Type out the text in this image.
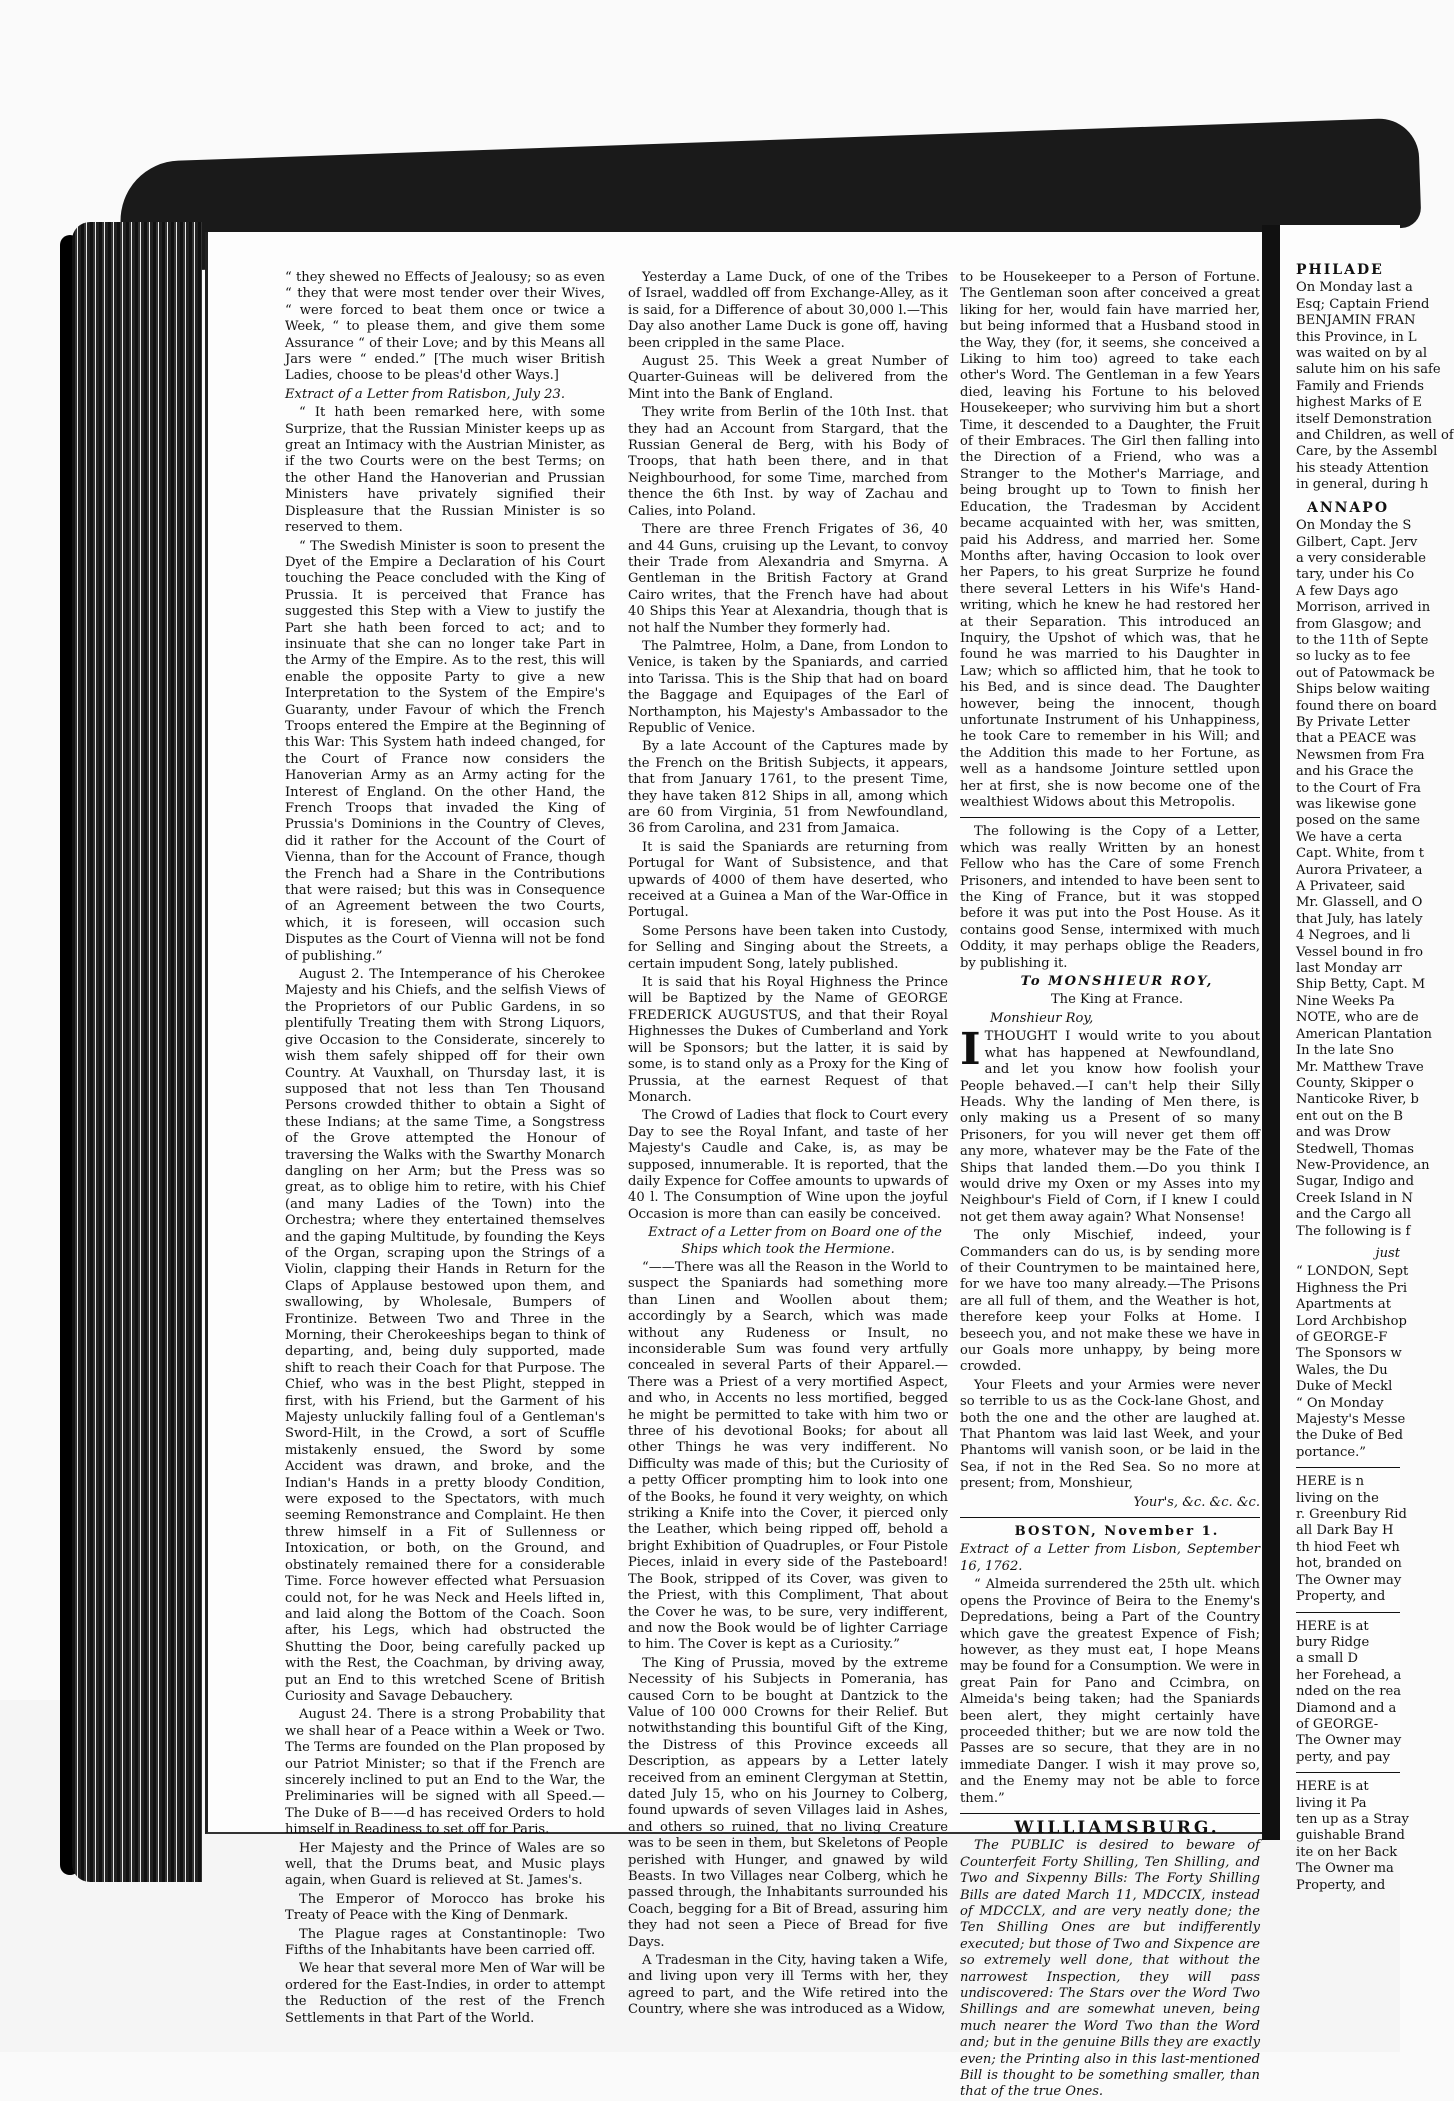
“ they shewed no Effects of Jealousy; so as even “ they that were most tender over their Wives, “ were forced to beat them once or twice a Week, “ to please them, and give them some Assurance “ of their Love; and by this Means all Jars were “ ended.” [The much wiser British Ladies, choose to be pleas'd other Ways.]

Extract of a Letter from Ratisbon, July 23.

“ It hath been remarked here, with some Surprize, that the Russian Minister keeps up as great an Intimacy with the Austrian Minister, as if the two Courts were on the best Terms; on the other Hand the Hanoverian and Prussian Ministers have privately signified their Displeasure that the Russian Minister is so reserved to them.

“ The Swedish Minister is soon to present the Dyet of the Empire a Declaration of his Court touching the Peace concluded with the King of Prussia. It is perceived that France has suggested this Step with a View to justify the Part she hath been forced to act; and to insinuate that she can no longer take Part in the Army of the Empire. As to the rest, this will enable the opposite Party to give a new Interpretation to the System of the Empire's Guaranty, under Favour of which the French Troops entered the Empire at the Beginning of this War: This System hath indeed changed, for the Court of France now considers the Hanoverian Army as an Army acting for the Interest of England. On the other Hand, the French Troops that invaded the King of Prussia's Dominions in the Country of Cleves, did it rather for the Account of the Court of Vienna, than for the Account of France, though the French had a Share in the Contributions that were raised; but this was in Consequence of an Agreement between the two Courts, which, it is foreseen, will occasion such Disputes as the Court of Vienna will not be fond of publishing.”

August 2. The Intemperance of his Cherokee Majesty and his Chiefs, and the selfish Views of the Proprietors of our Public Gardens, in so plentifully Treating them with Strong Liquors, give Occasion to the Considerate, sincerely to wish them safely shipped off for their own Country. At Vauxhall, on Thursday last, it is supposed that not less than Ten Thousand Persons crowded thither to obtain a Sight of these Indians; at the same Time, a Songstress of the Grove attempted the Honour of traversing the Walks with the Swarthy Monarch dangling on her Arm; but the Press was so great, as to oblige him to retire, with his Chief (and many Ladies of the Town) into the Orchestra; where they entertained themselves and the gaping Multitude, by founding the Keys of the Organ, scraping upon the Strings of a Violin, clapping their Hands in Return for the Claps of Applause bestowed upon them, and swallowing, by Wholesale, Bumpers of Frontinize. Between Two and Three in the Morning, their Cherokeeships began to think of departing, and, being duly supported, made shift to reach their Coach for that Purpose. The Chief, who was in the best Plight, stepped in first, with his Friend, but the Garment of his Majesty unluckily falling foul of a Gentleman's Sword-Hilt, in the Crowd, a sort of Scuffle mistakenly ensued, the Sword by some Accident was drawn, and broke, and the Indian's Hands in a pretty bloody Condition, were exposed to the Spectators, with much seeming Remonstrance and Complaint. He then threw himself in a Fit of Sullenness or Intoxication, or both, on the Ground, and obstinately remained there for a considerable Time. Force however effected what Persuasion could not, for he was Neck and Heels lifted in, and laid along the Bottom of the Coach. Soon after, his Legs, which had obstructed the Shutting the Door, being carefully packed up with the Rest, the Coachman, by driving away, put an End to this wretched Scene of British Curiosity and Savage Debauchery.

August 24. There is a strong Probability that we shall hear of a Peace within a Week or Two. The Terms are founded on the Plan proposed by our Patriot Minister; so that if the French are sincerely inclined to put an End to the War, the Preliminaries will be signed with all Speed.—The Duke of B——d has received Orders to hold himself in Readiness to set off for Paris.

Her Majesty and the Prince of Wales are so well, that the Drums beat, and Music plays again, when Guard is relieved at St. James's.

The Emperor of Morocco has broke his Treaty of Peace with the King of Denmark.

The Plague rages at Constantinople: Two Fifths of the Inhabitants have been carried off.

We hear that several more Men of War will be ordered for the East-Indies, in order to attempt the Reduction of the rest of the French Settlements in that Part of the World.

Yesterday a Lame Duck, of one of the Tribes of Israel, waddled off from Exchange-Alley, as it is said, for a Difference of about 30,000 l.—This Day also another Lame Duck is gone off, having been crippled in the same Place.

August 25. This Week a great Number of Quarter-Guineas will be delivered from the Mint into the Bank of England.

They write from Berlin of the 10th Inst. that they had an Account from Stargard, that the Russian General de Berg, with his Body of Troops, that hath been there, and in that Neighbourhood, for some Time, marched from thence the 6th Inst. by way of Zachau and Calies, into Poland.

There are three French Frigates of 36, 40 and 44 Guns, cruising up the Levant, to convoy their Trade from Alexandria and Smyrna. A Gentleman in the British Factory at Grand Cairo writes, that the French have had about 40 Ships this Year at Alexandria, though that is not half the Number they formerly had.

The Palmtree, Holm, a Dane, from London to Venice, is taken by the Spaniards, and carried into Tarissa. This is the Ship that had on board the Baggage and Equipages of the Earl of Northampton, his Majesty's Ambassador to the Republic of Venice.

By a late Account of the Captures made by the French on the British Subjects, it appears, that from January 1761, to the present Time, they have taken 812 Ships in all, among which are 60 from Virginia, 51 from Newfoundland, 36 from Carolina, and 231 from Jamaica.

It is said the Spaniards are returning from Portugal for Want of Subsistence, and that upwards of 4000 of them have deserted, who received at a Guinea a Man of the War-Office in Portugal.

Some Persons have been taken into Custody, for Selling and Singing about the Streets, a certain impudent Song, lately published.

It is said that his Royal Highness the Prince will be Baptized by the Name of GEORGE FREDERICK AUGUSTUS, and that their Royal Highnesses the Dukes of Cumberland and York will be Sponsors; but the latter, it is said by some, is to stand only as a Proxy for the King of Prussia, at the earnest Request of that Monarch.

The Crowd of Ladies that flock to Court every Day to see the Royal Infant, and taste of her Majesty's Caudle and Cake, is, as may be supposed, innumerable. It is reported, that the daily Expence for Coffee amounts to upwards of 40 l. The Consumption of Wine upon the joyful Occasion is more than can easily be conceived.

Extract of a Letter from on Board one of the Ships which took the Hermione.

“——There was all the Reason in the World to suspect the Spaniards had something more than Linen and Woollen about them; accordingly by a Search, which was made without any Rudeness or Insult, no inconsiderable Sum was found very artfully concealed in several Parts of their Apparel.—There was a Priest of a very mortified Aspect, and who, in Accents no less mortified, begged he might be permitted to take with him two or three of his devotional Books; for about all other Things he was very indifferent. No Difficulty was made of this; but the Curiosity of a petty Officer prompting him to look into one of the Books, he found it very weighty, on which striking a Knife into the Cover, it pierced only the Leather, which being ripped off, behold a bright Exhibition of Quadruples, or Four Pistole Pieces, inlaid in every side of the Pasteboard! The Book, stripped of its Cover, was given to the Priest, with this Compliment, That about the Cover he was, to be sure, very indifferent, and now the Book would be of lighter Carriage to him. The Cover is kept as a Curiosity.”

The King of Prussia, moved by the extreme Necessity of his Subjects in Pomerania, has caused Corn to be bought at Dantzick to the Value of 100 000 Crowns for their Relief. But notwithstanding this bountiful Gift of the King, the Distress of this Province exceeds all Description, as appears by a Letter lately received from an eminent Clergyman at Stettin, dated July 15, who on his Journey to Colberg, found upwards of seven Villages laid in Ashes, and others so ruined, that no living Creature was to be seen in them, but Skeletons of People perished with Hunger, and gnawed by wild Beasts. In two Villages near Colberg, which he passed through, the Inhabitants surrounded his Coach, begging for a Bit of Bread, assuring him they had not seen a Piece of Bread for five Days.

A Tradesman in the City, having taken a Wife, and living upon very ill Terms with her, they agreed to part, and the Wife retired into the Country, where she was introduced as a Widow,

to be Housekeeper to a Person of Fortune. The Gentleman soon after conceived a great liking for her, would fain have married her, but being informed that a Husband stood in the Way, they (for, it seems, she conceived a Liking to him too) agreed to take each other's Word. The Gentleman in a few Years died, leaving his Fortune to his beloved Housekeeper; who surviving him but a short Time, it descended to a Daughter, the Fruit of their Embraces. The Girl then falling into the Direction of a Friend, who was a Stranger to the Mother's Marriage, and being brought up to Town to finish her Education, the Tradesman by Accident became acquainted with her, was smitten, paid his Address, and married her. Some Months after, having Occasion to look over her Papers, to his great Surprize he found there several Letters in his Wife's Hand-writing, which he knew he had restored her at their Separation. This introduced an Inquiry, the Upshot of which was, that he found he was married to his Daughter in Law; which so afflicted him, that he took to his Bed, and is since dead. The Daughter however, being the innocent, though unfortunate Instrument of his Unhappiness, he took Care to remember in his Will; and the Addition this made to her Fortune, as well as a handsome Jointure settled upon her at first, she is now become one of the wealthiest Widows about this Metropolis.

The following is the Copy of a Letter, which was really Written by an honest Fellow who has the Care of some French Prisoners, and intended to have been sent to the King of France, but it was stopped before it was put into the Post House. As it contains good Sense, intermixed with much Oddity, it may perhaps oblige the Readers, by publishing it.

To MONSHIEUR ROY,

The King at France.

Monshieur Roy,

ITHOUGHT I would write to you about what has happened at Newfoundland, and let you know how foolish your People behaved.—I can't help their Silly Heads. Why the landing of Men there, is only making us a Present of so many Prisoners, for you will never get them off any more, whatever may be the Fate of the Ships that landed them.—Do you think I would drive my Oxen or my Asses into my Neighbour's Field of Corn, if I knew I could not get them away again? What Nonsense!

The only Mischief, indeed, your Commanders can do us, is by sending more of their Countrymen to be maintained here, for we have too many already.—The Prisons are all full of them, and the Weather is hot, therefore keep your Folks at Home. I beseech you, and not make these we have in our Goals more unhappy, by being more crowded.

Your Fleets and your Armies were never so terrible to us as the Cock-lane Ghost, and both the one and the other are laughed at. That Phantom was laid last Week, and your Phantoms will vanish soon, or be laid in the Sea, if not in the Red Sea. So no more at present; from, Monshieur,

Your's, &c. &c. &c.

BOSTON, November 1.

Extract of a Letter from Lisbon, September 16, 1762.

“ Almeida surrendered the 25th ult. which opens the Province of Beira to the Enemy's Depredations, being a Part of the Country which gave the greatest Expence of Fish; however, as they must eat, I hope Means may be found for a Consumption. We were in great Pain for Pano and Ccimbra, on Almeida's being taken; had the Spaniards been alert, they might certainly have proceeded thither; but we are now told the Passes are so secure, that they are in no immediate Danger. I wish it may prove so, and the Enemy may not be able to force them.”

WILLIAMSBURG.

The PUBLIC is desired to beware of Counterfeit Forty Shilling, Ten Shilling, and Two and Sixpenny Bills: The Forty Shilling Bills are dated March 11, MDCCIX, instead of MDCCLX, and are very neatly done; the Ten Shilling Ones are but indifferently executed; but those of Two and Sixpence are so extremely well done, that without the narrowest Inspection, they will pass undiscovered: The Stars over the Word Two Shillings and are somewhat uneven, being much nearer the Word Two than the Word and; but in the genuine Bills they are exactly even; the Printing also in this last-mentioned Bill is thought to be something smaller, than that of the true Ones.

PHILADE

On Monday last a
Esq; Captain Friend
BENJAMIN FRAN
this Province, in L
was waited on by al
salute him on his safe
Family and Friends
highest Marks of E
itself Demonstration
and Children, as well of
Care, by the Assembl
his steady Attention
in general, during h

ANNAPO

On Monday the S
Gilbert, Capt. Jerv
a very considerable
tary, under his Co
A few Days ago
Morrison, arrived in
from Glasgow; and
to the 11th of Septe
so lucky as to fee
out of Patowmack be
Ships below waiting
found there on board
By Private Letter
that a PEACE was
Newsmen from Fra
and his Grace the
to the Court of Fra
was likewise gone
posed on the same
We have a certa
Capt. White, from t
Aurora Privateer, a
A Privateer, said
Mr. Glassell, and O
that July, has lately
4 Negroes, and li
Vessel bound in fro
last Monday arr
Ship Betty, Capt. M
Nine Weeks Pa
NOTE, who are de
American Plantation
In the late Sno
Mr. Matthew Trave
County, Skipper o
Nanticoke River, b
ent out on the B
and was Drow
Stedwell, Thomas
New-Providence, an
Sugar, Indigo and
Creek Island in N
and the Cargo all
The following is f

just

“ LONDON, Sept
Highness the Pri
Apartments at
Lord Archbishop
of GEORGE-F
The Sponsors w
Wales, the Du
Duke of Meckl
“ On Monday
Majesty's Messe
the Duke of Bed
portance.”
HERE is n
living on the
r. Greenbury Rid
all Dark Bay H
th hiod Feet wh
hot, branded on
The Owner may
Property, and
HERE is at
bury Ridge
a small D
her Forehead, a
nded on the rea
Diamond and a
of GEORGE-
The Owner may
perty, and pay
HERE is at
living it Pa
ten up as a Stray
guishable Brand
ite on her Back
The Owner ma
Property, and
